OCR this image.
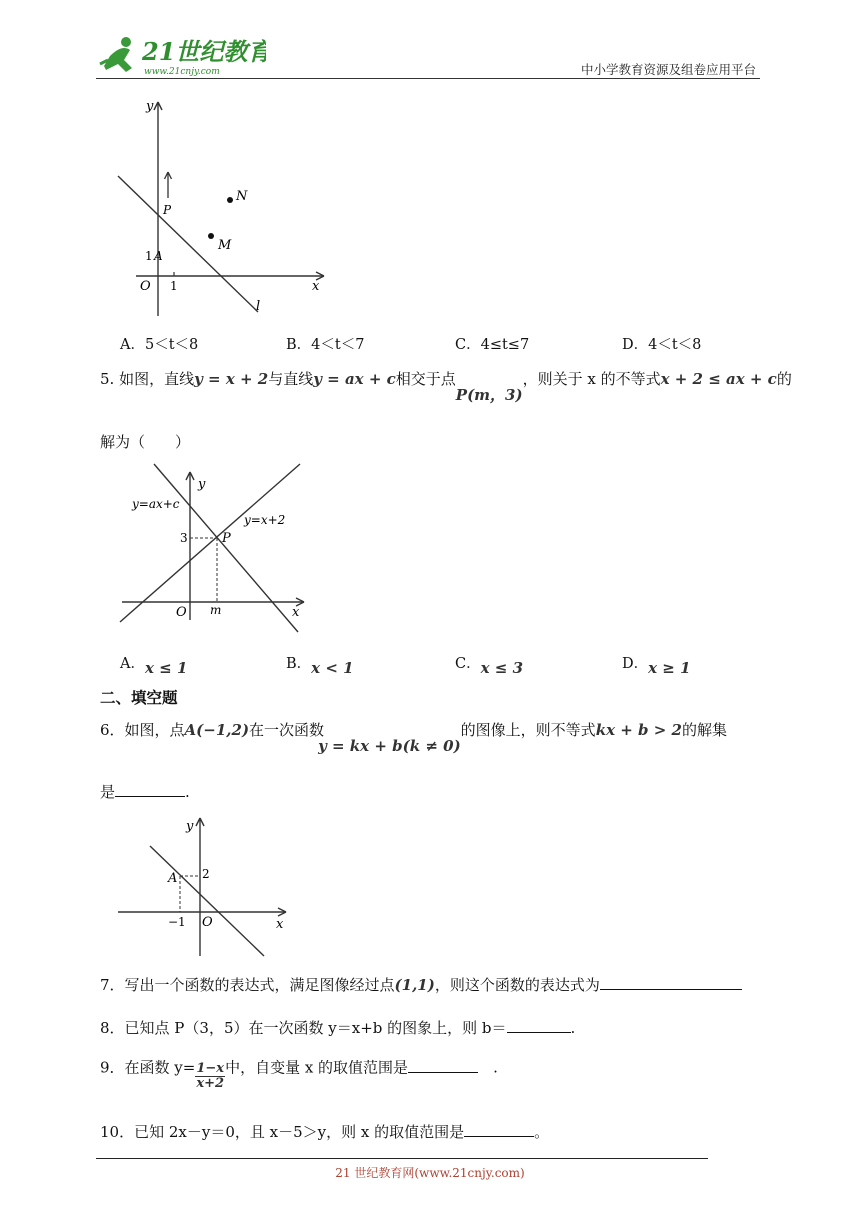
21世纪教育
www.21cnjy.com	中小学教育资源及组卷应用平台
y
x
O 1
1 A
P
M
N
l
A．5＜t＜8	B．4＜t＜7	C．4≤t≤7	D．4＜t＜8
5. 如图，直线y = x + 2与直线y = ax + c相交于点P(m，3)，则关于 x 的不等式x + 2 ≤ ax + c的
解为（　　）
y
x
O m
3	P
y=ax+c
y=x+2
A．x ≤ 1	B．x < 1	C．x ≤ 3	D．x ≥ 1
二、填空题
6．如图，点A(−1,2)在一次函数y = kx + b(k ≠ 0)的图像上，则不等式kx + b > 2的解集
是	.
y
x
O
A 2
−1
7．写出一个函数的表达式，满足图像经过点(1,1)，则这个函数的表达式为
8．已知点 P（3，5）在一次函数 y＝x+b 的图象上，则 b＝	.
9．在函数 $y= \frac{1-x}{x+2}$ 中，自变量 x 的取值范围是　	.
10．已知 2x－y＝0，且 x－5＞y，则 x 的取值范围是	。
21 世纪教育网(www.21cnjy.com)
